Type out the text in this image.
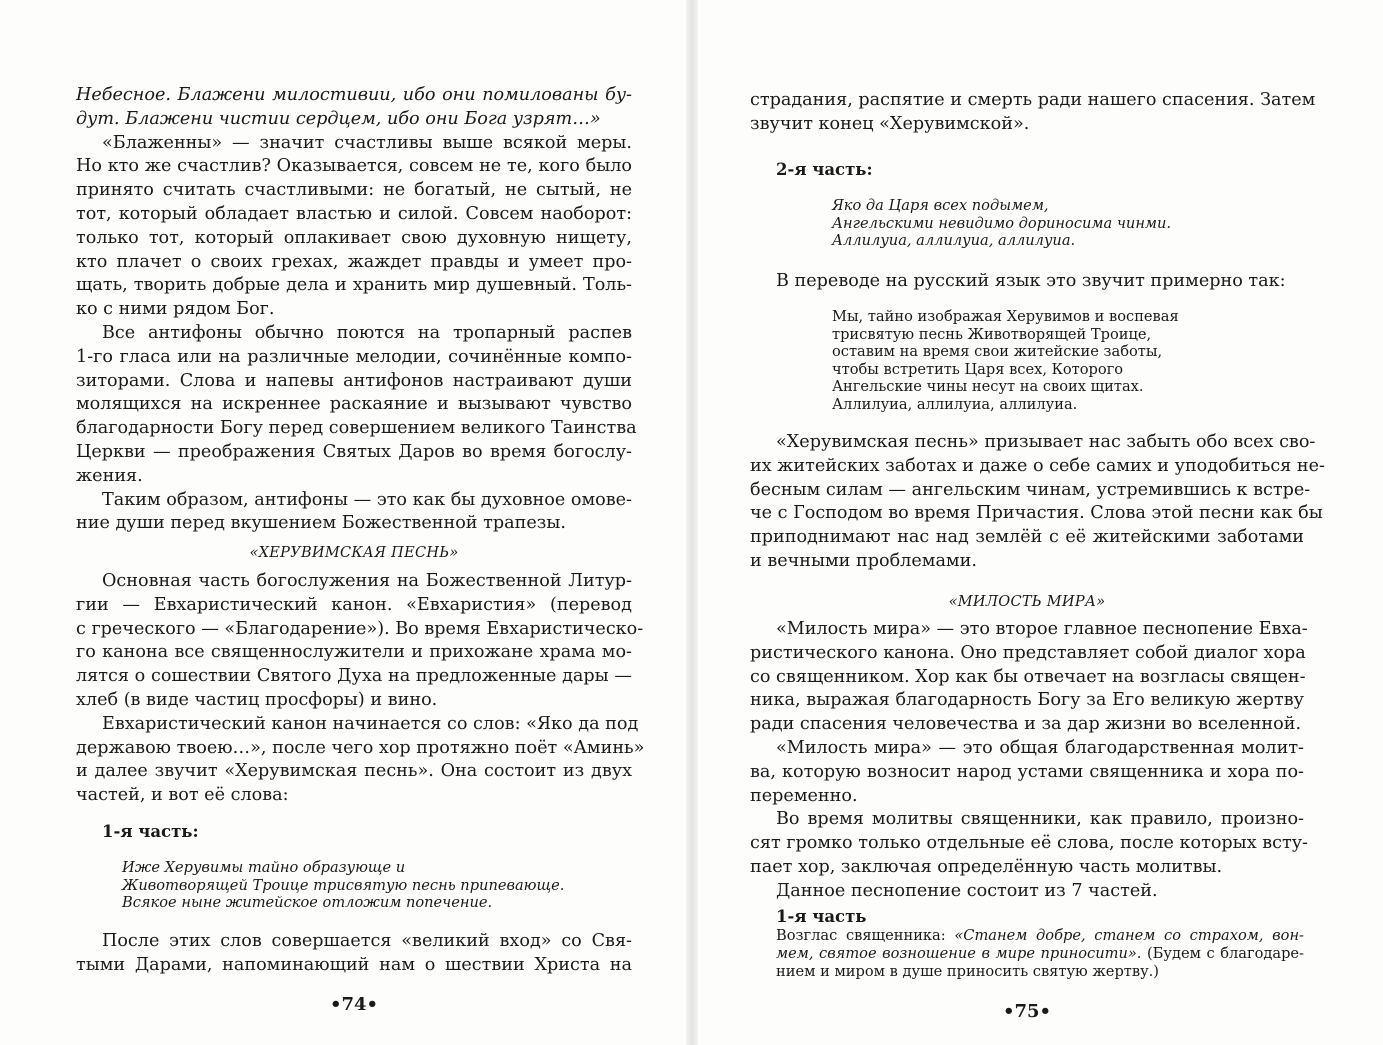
Небесное. Блажени милостивии, ибо они помилованы бу-
дут. Блажени чистии сердцем, ибо они Бога узрят…»
«Блаженны» — значит счастливы выше всякой меры.
Но кто же счастлив? Оказывается, совсем не те, кого было
принято считать счастливыми: не богатый, не сытый, не
тот, который обладает властью и силой. Совсем наоборот:
только тот, который оплакивает свою духовную нищету,
кто плачет о своих грехах, жаждет правды и умеет про-
щать, творить добрые дела и хранить мир душевный. Толь-
ко с ними рядом Бог.
Все антифоны обычно поются на тропарный распев
1-го гласа или на различные мелодии, сочинённые компо-
зиторами. Слова и напевы антифонов настраивают души
молящихся на искреннее раскаяние и вызывают чувство
благодарности Богу перед совершением великого Таинства
Церкви — преображения Святых Даров во время богослу-
жения.
Таким образом, антифоны — это как бы духовное омове-
ние души перед вкушением Божественной трапезы.
«ХЕРУВИМСКАЯ ПЕСНЬ»
Основная часть богослужения на Божественной Литур-
гии — Евхаристический канон. «Евхаристия» (перевод
с греческого — «Благодарение»). Во время Евхаристическо-
го канона все священнослужители и прихожане храма мо-
лятся о сошествии Святого Духа на предложенные дары —
хлеб (в виде частиц просфоры) и вино.
Евхаристический канон начинается со слов: «Яко да под
державою твоею…», после чего хор протяжно поёт «Аминь»
и далее звучит «Херувимская песнь». Она состоит из двух
частей, и вот её слова:
1-я часть:
Иже Херувимы тайно образующе и
Животворящей Троице трисвятую песнь припевающе.
Всякое ныне житейское отложим попечение.
После этих слов совершается «великий вход» со Свя-
тыми Дарами, напоминающий нам о шествии Христа на
•74•
страдания, распятие и смерть ради нашего спасения. Затем
звучит конец «Херувимской».
2-я часть:
Яко да Царя всех подымем,
Ангельскими невидимо дориносима чинми.
Аллилуиа, аллилуиа, аллилуиа.
В переводе на русский язык это звучит примерно так:
Мы, тайно изображая Херувимов и воспевая
трисвятую песнь Животворящей Троице,
оставим на время свои житейские заботы,
чтобы встретить Царя всех, Которого
Ангельские чины несут на своих щитах.
Аллилуиа, аллилуиа, аллилуиа.
«Херувимская песнь» призывает нас забыть обо всех сво-
их житейских заботах и даже о себе самих и уподобиться не-
бесным силам — ангельским чинам, устремившись к встре-
че с Господом во время Причастия. Слова этой песни как бы
приподнимают нас над землёй с её житейскими заботами
и вечными проблемами.
«МИЛОСТЬ МИРА»
«Милость мира» — это второе главное песнопение Евха-
ристического канона. Оно представляет собой диалог хора
со священником. Хор как бы отвечает на возгласы священ-
ника, выражая благодарность Богу за Его великую жертву
ради спасения человечества и за дар жизни во вселенной.
«Милость мира» — это общая благодарственная молит-
ва, которую возносит народ устами священника и хора по-
переменно.
Во время молитвы священники, как правило, произно-
сят громко только отдельные её слова, после которых всту-
пает хор, заключая определённую часть молитвы.
Данное песнопение состоит из 7 частей.
1-я часть
Возглас священника: «Станем добре, станем со страхом, вон-
мем, святое возношение в мире приносити». (Будем с благодаре-
нием и миром в душе приносить святую жертву.)
•75•
